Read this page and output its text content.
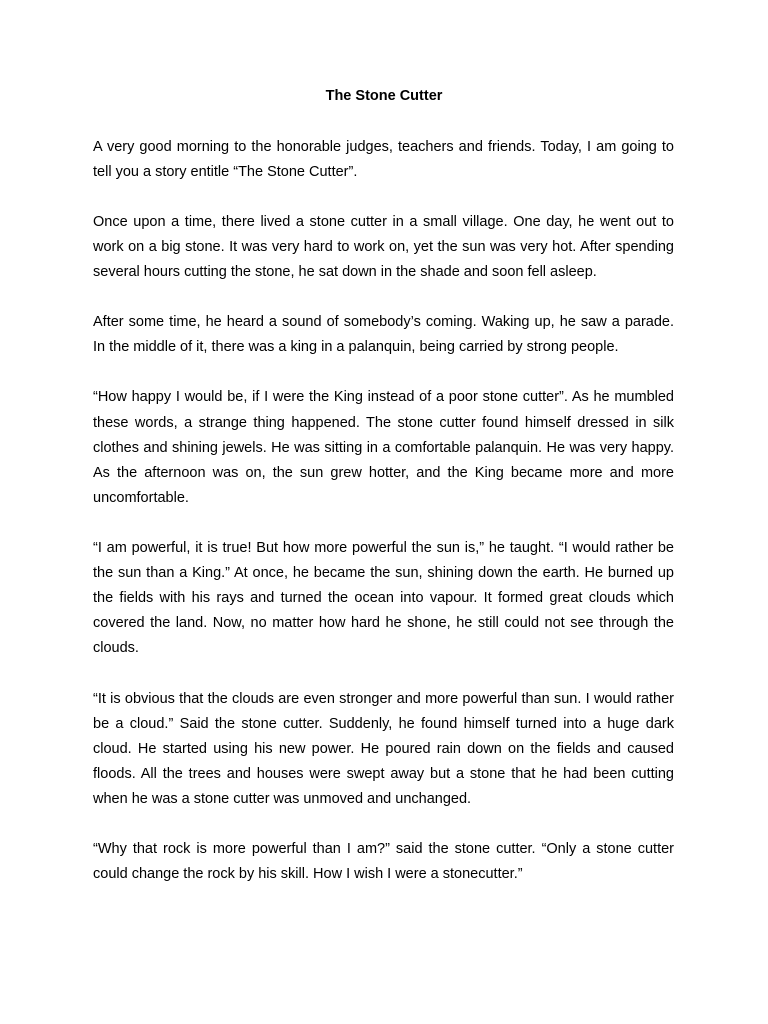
The Stone Cutter

A very good morning to the honorable judges, teachers and friends. Today, I am going to tell you a story entitle “The Stone Cutter”.

Once upon a time, there lived a stone cutter in a small village. One day, he went out to work on a big stone. It was very hard to work on, yet the sun was very hot. After spending several hours cutting the stone, he sat down in the shade and soon fell asleep.

After some time, he heard a sound of somebody’s coming. Waking up, he saw a parade. In the middle of it, there was a king in a palanquin, being carried by strong people.

“How happy I would be, if I were the King instead of a poor stone cutter”. As he mumbled these words, a strange thing happened. The stone cutter found himself dressed in silk clothes and shining jewels. He was sitting in a comfortable palanquin. He was very happy. As the afternoon was on, the sun grew hotter, and the King became more and more uncomfortable.

“I am powerful, it is true! But how more powerful the sun is,” he taught. “I would rather be the sun than a King.” At once, he became the sun, shining down the earth. He burned up the fields with his rays and turned the ocean into vapour. It formed great clouds which covered the land. Now, no matter how hard he shone, he still could not see through the clouds.

“It is obvious that the clouds are even stronger and more powerful than sun. I would rather be a cloud.” Said the stone cutter. Suddenly, he found himself turned into a huge dark cloud. He started using his new power. He poured rain down on the fields and caused floods. All the trees and houses were swept away but a stone that he had been cutting when he was a stone cutter was unmoved and unchanged.

“Why that rock is more powerful than I am?” said the stone cutter. “Only a stone cutter could change the rock by his skill. How I wish I were a stonecutter.”
